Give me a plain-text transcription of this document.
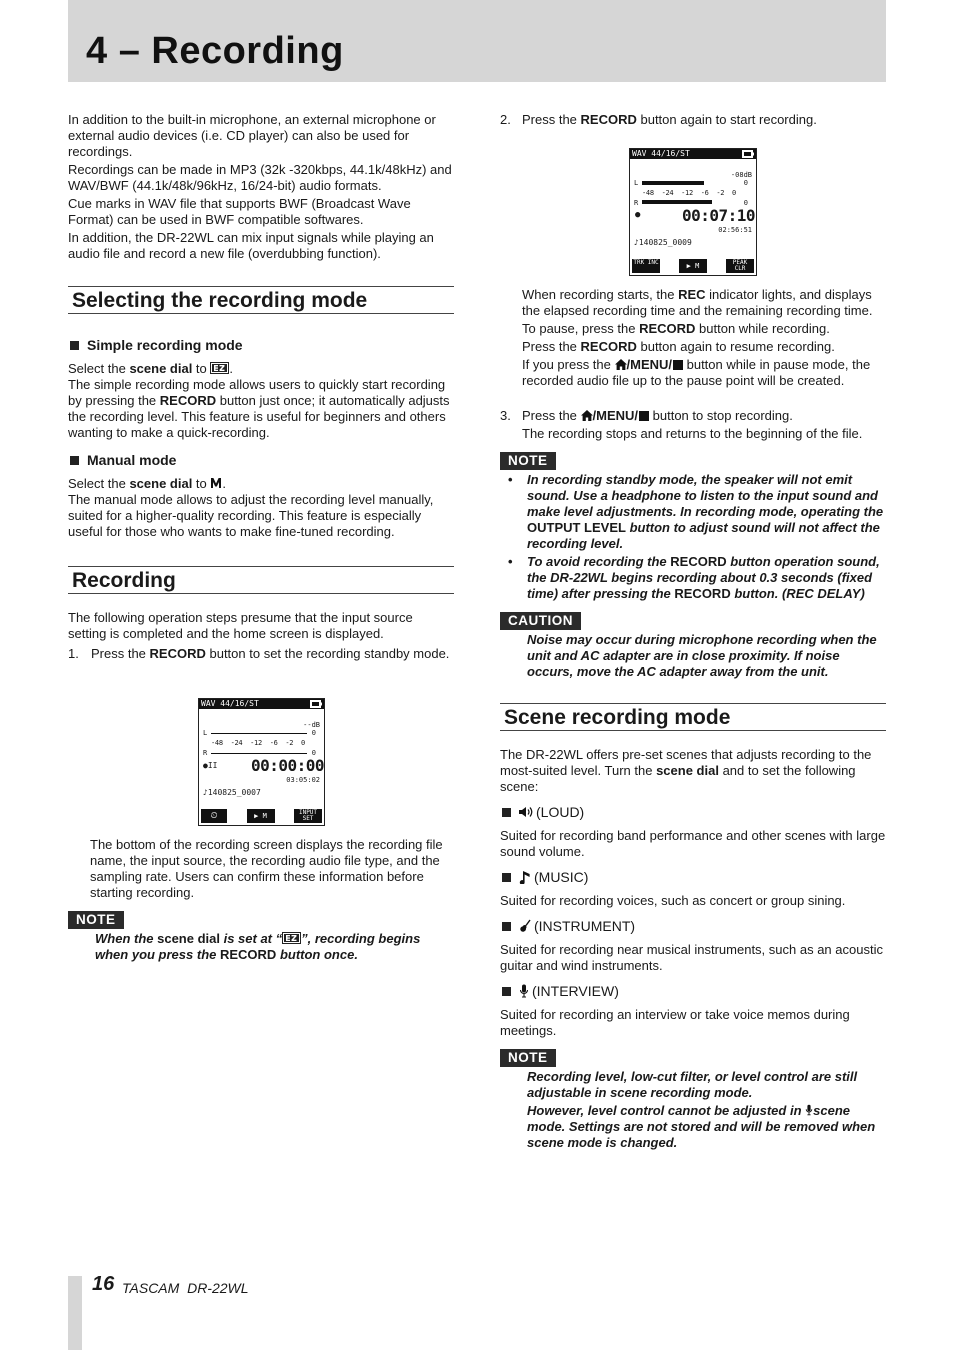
4 – Recording

In addition to the built-in microphone, an external microphone or external audio devices (i.e. CD player) can also be used for recordings.

Recordings can be made in MP3 (32k -320kbps, 44.1k/48kHz) and WAV/BWF (44.1k/48k/96kHz, 16/24-bit) audio formats.

Cue marks in WAV file that supports BWF (Broadcast Wave Format) can be used in BWF compatible softwares.

In addition, the DR-22WL can mix input signals while playing an audio file and record a new file (overdubbing function).

Selecting the recording mode
Simple recording mode

Select the scene dial to .

The simple recording mode allows users to quickly start recording by pressing the RECORD button just once; it automatically adjusts the recording level. This feature is useful for beginners and others wanting to make a quick-recording.

Manual mode

Select the scene dial to .

The manual mode allows to adjust the recording level manually, suited for a higher-quality recording. This feature is especially useful for those who wants to make fine-tuned recording.

Recording

The following operation steps presume that the input source setting is completed and the home screen is displayed.

1. Press the RECORD button to set the recording standby mode.

WAV 44/16/ST
--dB
L	0
-48  -24  -12  -6  -2  0
R	0
●II 00:00:00
03:05:02
♪140825_0007
⏲	▶ M	INPUT SET

The bottom of the recording screen displays the recording file name, the input source, the recording audio file type, and the sampling rate. Users can confirm these information before starting recording.

NOTE

When the scene dial is set at “ ”, recording begins when you press the RECORD button once.

2. Press the RECORD button again to start recording.

WAV 44/16/ST
-08dB
L	0
-48  -24  -12  -6  -2  0
R	0
●	00:07:10
02:56:51
♪140825_0009
TRK INC	▶ M	PEAK CLR

When recording starts, the REC indicator lights, and displays the elapsed recording time and the remaining recording time.

To pause, press the RECORD button while recording.

Press the RECORD button again to resume recording.

If you press the /MENU/ button while in pause mode, the recorded audio file up to the pause point will be created.

3. Press the /MENU/ button to stop recording.

The recording stops and returns to the beginning of the file.

NOTE
• In recording standby mode, the speaker will not emit sound. Use a headphone to listen to the input sound and make level adjustments. In recording mode, operating the OUTPUT LEVEL button to adjust sound will not affect the recording level.

• To avoid recording the RECORD button operation sound, the DR-22WL begins recording about 0.3 seconds (fixed time) after pressing the RECORD button. (REC DELAY)

CAUTION

Noise may occur during microphone recording when the unit and AC adapter are in close proximity. If noise occurs, move the AC adapter away from the unit.

Scene recording mode

The DR-22WL offers pre-set scenes that adjusts recording to the most-suited level. Turn the scene dial and to set the following scene:

(LOUD)
Suited for recording band performance and other scenes with large sound volume.
(MUSIC)
Suited for recording voices, such as concert or group sining.
(INSTRUMENT)
Suited for recording near musical instruments, such as an acoustic guitar and wind instruments.
(INTERVIEW)
Suited for recording an interview or take voice memos during meetings.
NOTE

Recording level, low-cut filter, or level control are still adjustable in scene recording mode.

However, level control cannot be adjusted in scene mode. Settings are not stored and will be removed when scene mode is changed.

16 TASCAM  DR-22WL
